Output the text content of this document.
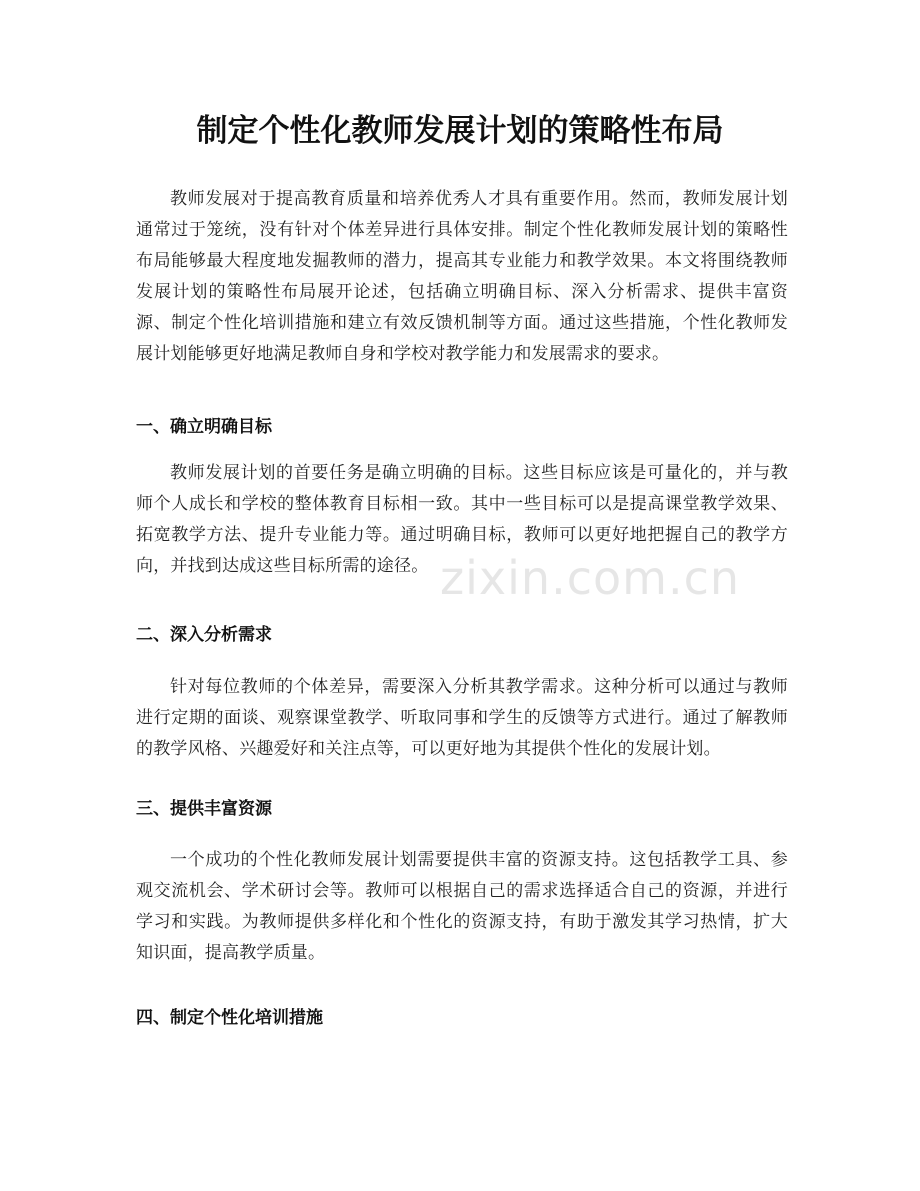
制定个性化教师发展计划的策略性布局

教师发展对于提高教育质量和培养优秀人才具有重要作用。然而，教师发展计划通常过于笼统，没有针对个体差异进行具体安排。制定个性化教师发展计划的策略性布局能够最大程度地发掘教师的潜力，提高其专业能力和教学效果。本文将围绕教师发展计划的策略性布局展开论述，包括确立明确目标、深入分析需求、提供丰富资源、制定个性化培训措施和建立有效反馈机制等方面。通过这些措施，个性化教师发展计划能够更好地满足教师自身和学校对教学能力和发展需求的要求。

一、确立明确目标

教师发展计划的首要任务是确立明确的目标。这些目标应该是可量化的，并与教师个人成长和学校的整体教育目标相一致。其中一些目标可以是提高课堂教学效果、拓宽教学方法、提升专业能力等。通过明确目标，教师可以更好地把握自己的教学方向，并找到达成这些目标所需的途径。

二、深入分析需求

针对每位教师的个体差异，需要深入分析其教学需求。这种分析可以通过与教师进行定期的面谈、观察课堂教学、听取同事和学生的反馈等方式进行。通过了解教师的教学风格、兴趣爱好和关注点等，可以更好地为其提供个性化的发展计划。

三、提供丰富资源

一个成功的个性化教师发展计划需要提供丰富的资源支持。这包括教学工具、参观交流机会、学术研讨会等。教师可以根据自己的需求选择适合自己的资源，并进行学习和实践。为教师提供多样化和个性化的资源支持，有助于激发其学习热情，扩大知识面，提高教学质量。

四、制定个性化培训措施
zixin.com.cn
